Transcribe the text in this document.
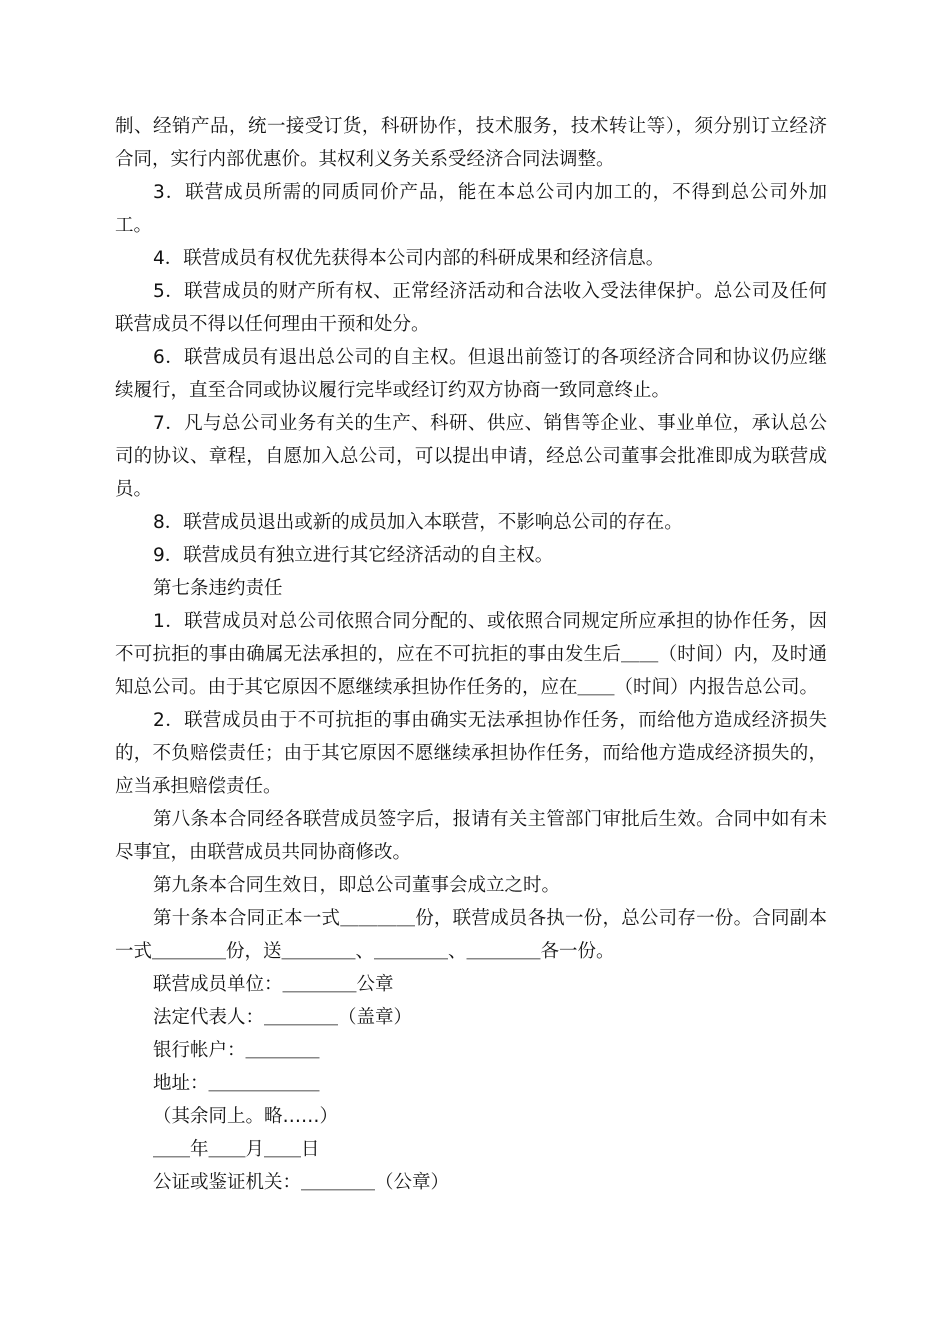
制、经销产品，统一接受订货，科研协作，技术服务，技术转让等），须分别订立经济合同，实行内部优惠价。其权利义务关系受经济合同法调整。

3．联营成员所需的同质同价产品，能在本总公司内加工的，不得到总公司外加工。

4．联营成员有权优先获得本公司内部的科研成果和经济信息。

5．联营成员的财产所有权、正常经济活动和合法收入受法律保护。总公司及任何联营成员不得以任何理由干预和处分。

6．联营成员有退出总公司的自主权。但退出前签订的各项经济合同和协议仍应继续履行，直至合同或协议履行完毕或经订约双方协商一致同意终止。

7．凡与总公司业务有关的生产、科研、供应、销售等企业、事业单位，承认总公司的协议、章程，自愿加入总公司，可以提出申请，经总公司董事会批准即成为联营成员。

8．联营成员退出或新的成员加入本联营，不影响总公司的存在。

9．联营成员有独立进行其它经济活动的自主权。

第七条违约责任

1．联营成员对总公司依照合同分配的、或依照合同规定所应承担的协作任务，因不可抗拒的事由确属无法承担的，应在不可抗拒的事由发生后＿＿（时间）内，及时通知总公司。由于其它原因不愿继续承担协作任务的，应在＿＿（时间）内报告总公司。

2．联营成员由于不可抗拒的事由确实无法承担协作任务，而给他方造成经济损失的，不负赔偿责任；由于其它原因不愿继续承担协作任务，而给他方造成经济损失的，应当承担赔偿责任。

第八条本合同经各联营成员签字后，报请有关主管部门审批后生效。合同中如有未尽事宜，由联营成员共同协商修改。

第九条本合同生效日，即总公司董事会成立之时。

第十条本合同正本一式＿＿＿＿份，联营成员各执一份，总公司存一份。合同副本一式＿＿＿＿份，送＿＿＿＿、＿＿＿＿、＿＿＿＿各一份。

联营成员单位：＿＿＿＿公章

法定代表人：＿＿＿＿（盖章）

银行帐户：＿＿＿＿

地址：＿＿＿＿＿＿

（其余同上。略……）

＿＿年＿＿月＿＿日

公证或鉴证机关：＿＿＿＿（公章）
